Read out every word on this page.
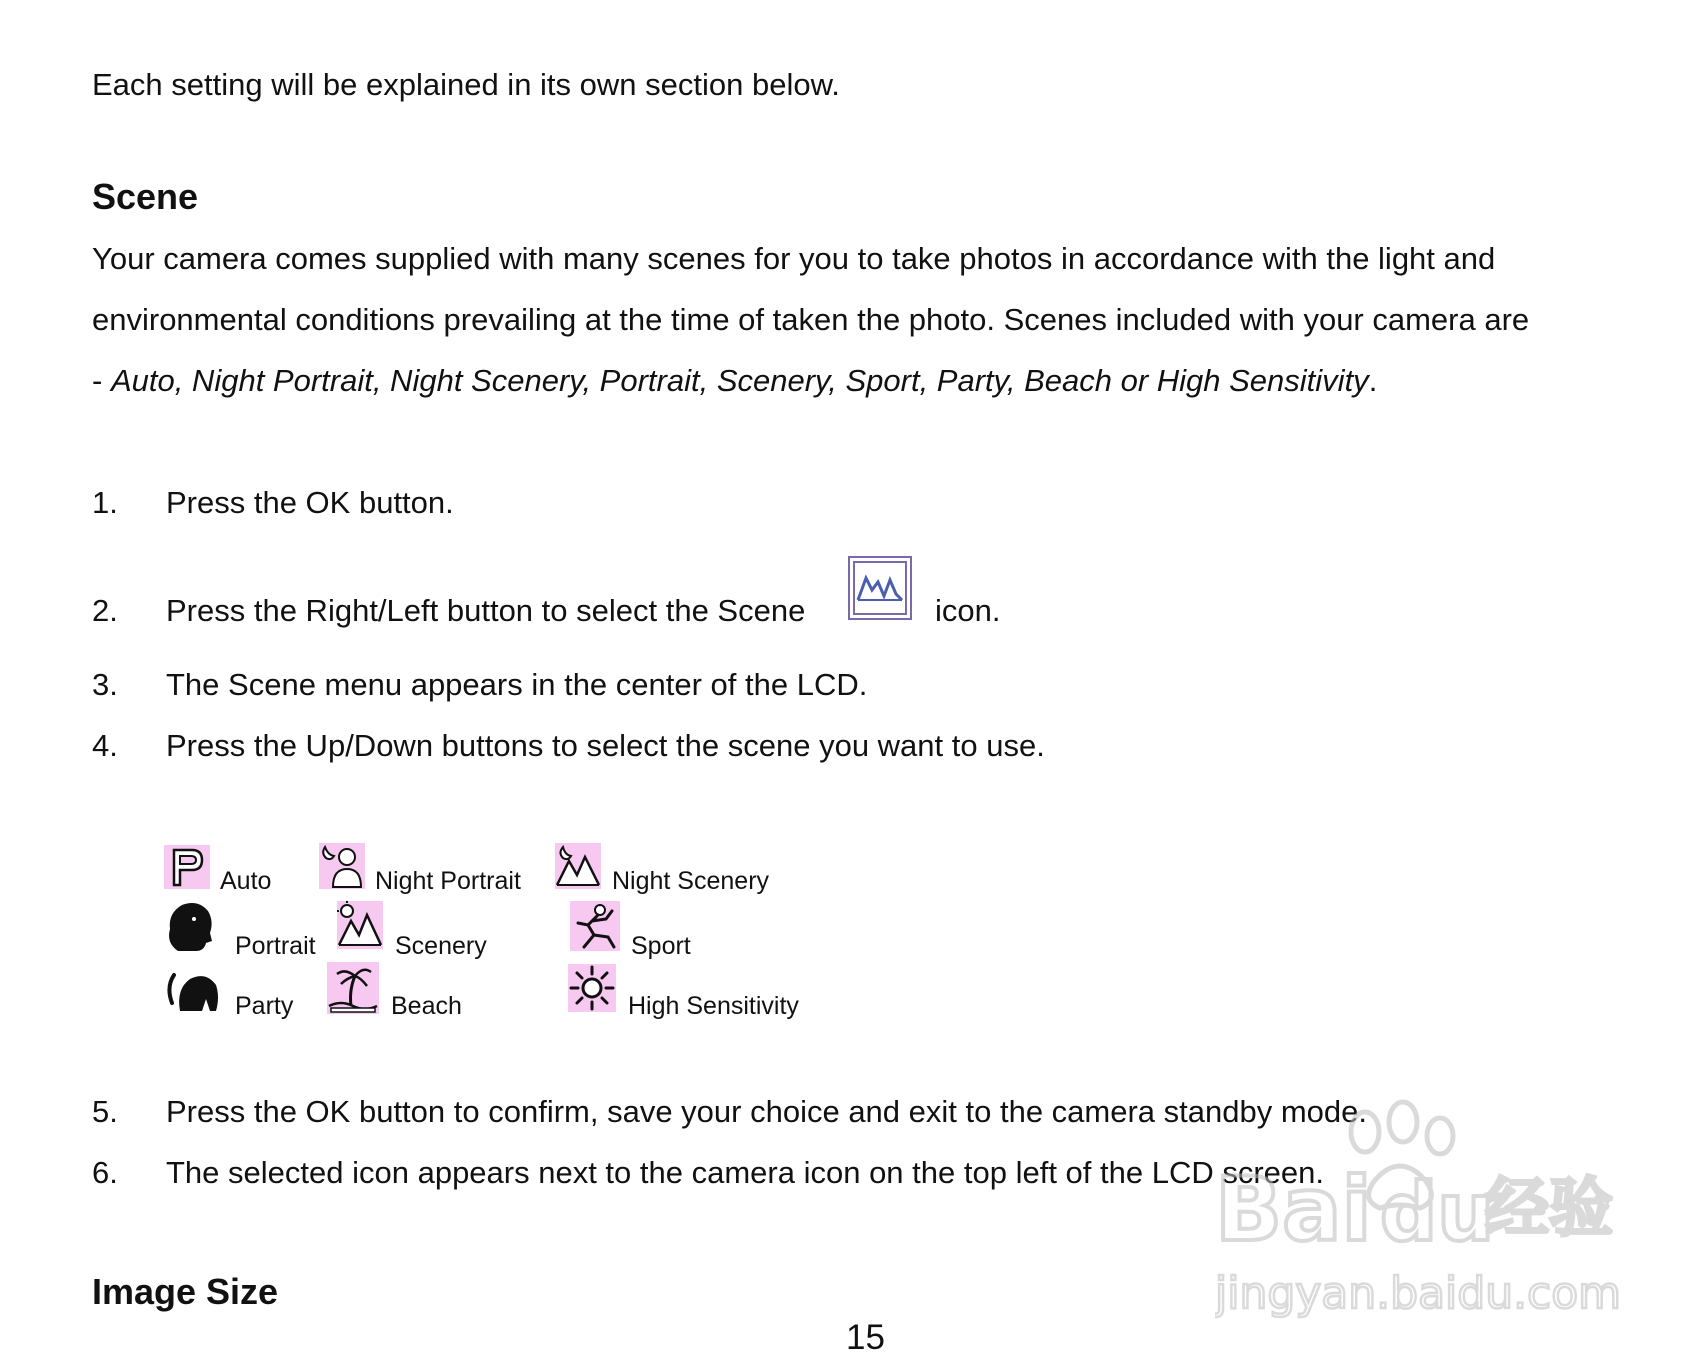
Each setting will be explained in its own section below.
Scene
Your camera comes supplied with many scenes for you to take photos in accordance with the light and
environmental conditions prevailing at the time of taken the photo. Scenes included with your camera are
- Auto, Night Portrait, Night Scenery, Portrait, Scenery, Sport, Party, Beach or High Sensitivity.
1. Press the OK button.
2. Press the Right/Left button to select the Scene	icon.
3. The Scene menu appears in the center of the LCD.
4. Press the Up/Down buttons to select the scene you want to use.
Auto	Night Portrait	Night Scenery
Portrait	Scenery	Sport
Party	Beach	High Sensitivity
5. Press the OK button to confirm, save your choice and exit to the camera standby mode.
6. The selected icon appears next to the camera icon on the top left of the LCD screen.
Image Size
15
Bai du
经验
jingyan.baidu.com
